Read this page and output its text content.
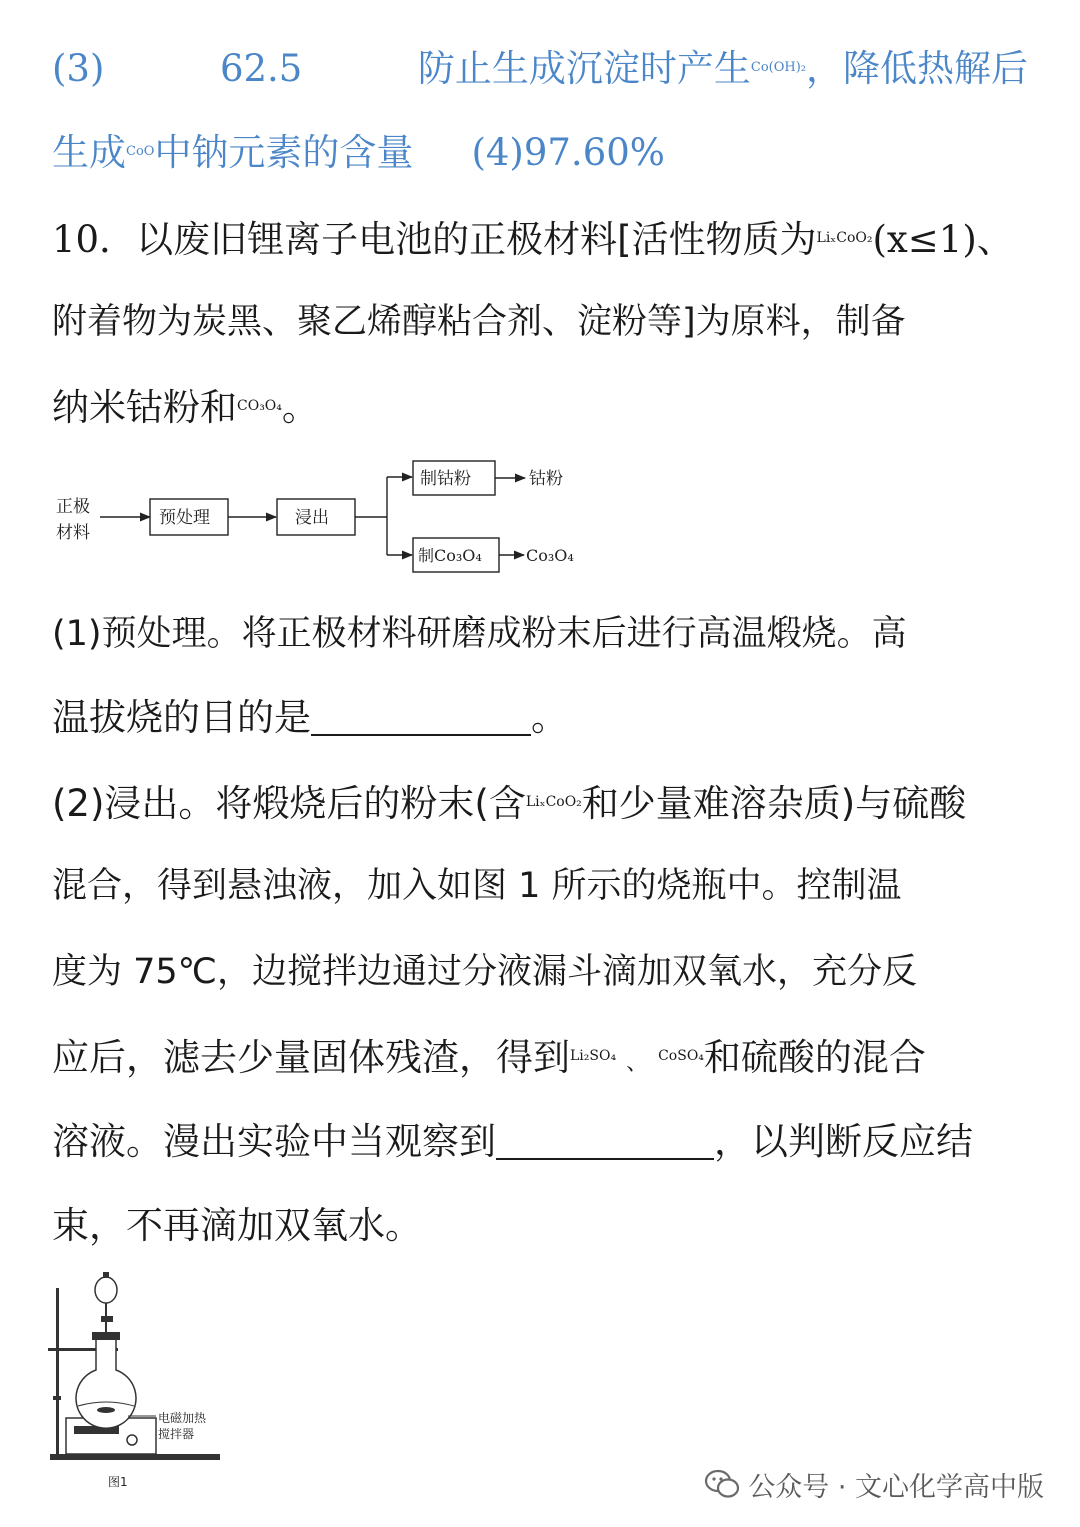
(3)	62.5	防止生成沉淀时产生$^{Co(OH)_2}$，降低热解后
生成$^{CoO}$中钠元素的含量 (4)97.60%
10．以废旧锂离子电池的正极材料[活性物质为$^{Li_xCoO_2}$(x≤1)、
附着物为炭黑、聚乙烯醇粘合剂、淀粉等]为原料，制备
纳米钴粉和$^{CO_3O_4}$。
正极
材料
预处理	浸出
制钴粉	钴粉
制Co₃O₄	Co₃O₄
(1)预处理。将正极材料研磨成粉末后进行高温煅烧。高
温拔烧的目的是	。
(2)浸出。将煅烧后的粉末(含$^{Li_xCoO_2}$和少量难溶杂质)与硫酸
混合，得到悬浊液，加入如图 1 所示的烧瓶中。控制温
度为 75℃，边搅拌边通过分液漏斗滴加双氧水，充分反
应后，滤去少量固体残渣，得到$^{Li_2SO_4}$ 、 $^{CoSO_4}$和硫酸的混合
溶液。漫出实验中当观察到	，以判断反应结
束，不再滴加双氧水。
电磁加热
搅拌器
图1	公众号 · 文心化学高中版
